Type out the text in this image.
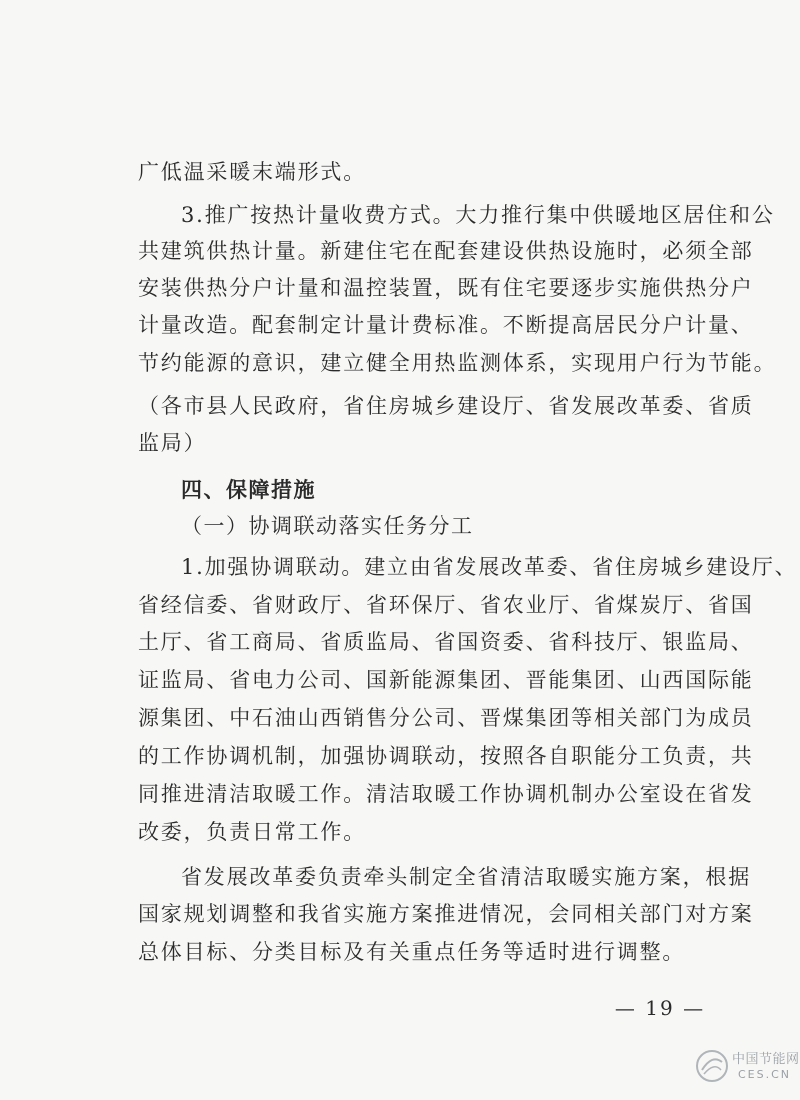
广低温采暖末端形式。
3.推广按热计量收费方式。大力推行集中供暖地区居住和公
共建筑供热计量。新建住宅在配套建设供热设施时，必须全部
安装供热分户计量和温控装置，既有住宅要逐步实施供热分户
计量改造。配套制定计量计费标准。不断提高居民分户计量、
节约能源的意识，建立健全用热监测体系，实现用户行为节能。
（各市县人民政府，省住房城乡建设厅、省发展改革委、省质
监局）
四、保障措施
（一）协调联动落实任务分工
1.加强协调联动。建立由省发展改革委、省住房城乡建设厅、
省经信委、省财政厅、省环保厅、省农业厅、省煤炭厅、省国
土厅、省工商局、省质监局、省国资委、省科技厅、银监局、
证监局、省电力公司、国新能源集团、晋能集团、山西国际能
源集团、中石油山西销售分公司、晋煤集团等相关部门为成员
的工作协调机制，加强协调联动，按照各自职能分工负责，共
同推进清洁取暖工作。清洁取暖工作协调机制办公室设在省发
改委，负责日常工作。
省发展改革委负责牵头制定全省清洁取暖实施方案，根据
国家规划调整和我省实施方案推进情况，会同相关部门对方案
总体目标、分类目标及有关重点任务等适时进行调整。
— 19 —
中国节能网
CES.CN
